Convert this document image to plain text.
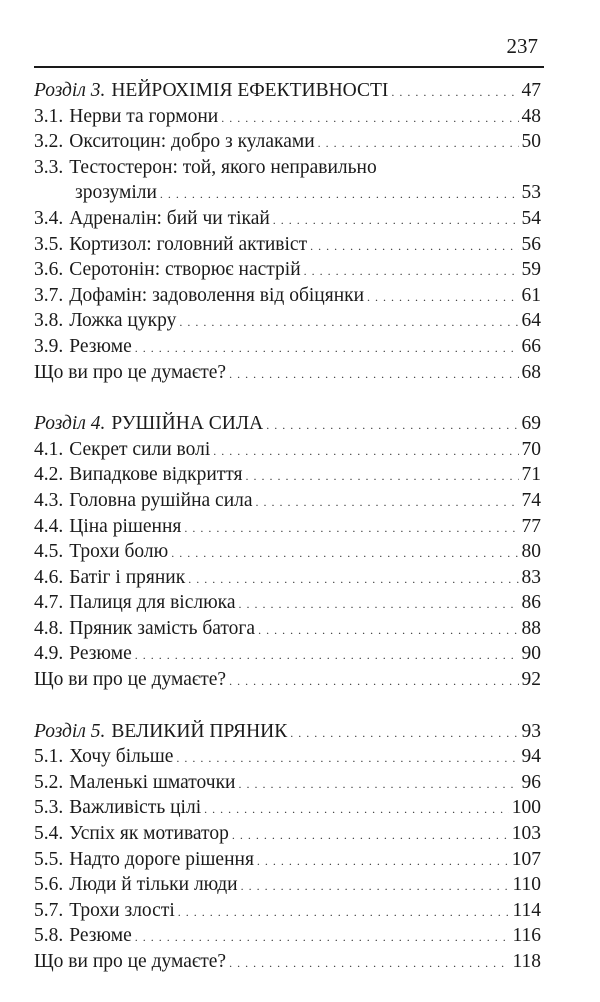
237
Розділ 3. НЕЙРОХІМІЯ ЕФЕКТИВНОСТІ . . .	47
3.1. Нерви та гормони . . .	48
3.2. Окситоцин: добро з кулаками . . .	50
3.3. Тестостерон: той, якого неправильно
зрозуміли . . .	53
3.4. Адреналін: бий чи тікай . . .	54
3.5. Кортизол: головний активіст . . .	56
3.6. Серотонін: створює настрій . . .	59
3.7. Дофамін: задоволення від обіцянки . . .	61
3.8. Ложка цукру . . .	64
3.9. Резюме . . .	66
Що ви про це думаєте? . . .	68
Розділ 4. РУШІЙНА СИЛА . . .	69
4.1. Секрет сили волі . . .	70
4.2. Випадкове відкриття . . .	71
4.3. Головна рушійна сила . . .	74
4.4. Ціна рішення . . .	77
4.5. Трохи болю . . .	80
4.6. Батіг і пряник . . .	83
4.7. Палиця для віслюка . . .	86
4.8. Пряник замість батога . . .	88
4.9. Резюме . . .	90
Що ви про це думаєте? . . .	92
Розділ 5. ВЕЛИКИЙ ПРЯНИК . . .	93
5.1. Хочу більше . . .	94
5.2. Маленькі шматочки . . .	96
5.3. Важливість цілі . . .	100
5.4. Успіх як мотиватор . . .	103
5.5. Надто дороге рішення . . .	107
5.6. Люди й тільки люди . . .	110
5.7. Трохи злості . . .	114
5.8. Резюме . . .	116
Що ви про це думаєте? . . .	118
